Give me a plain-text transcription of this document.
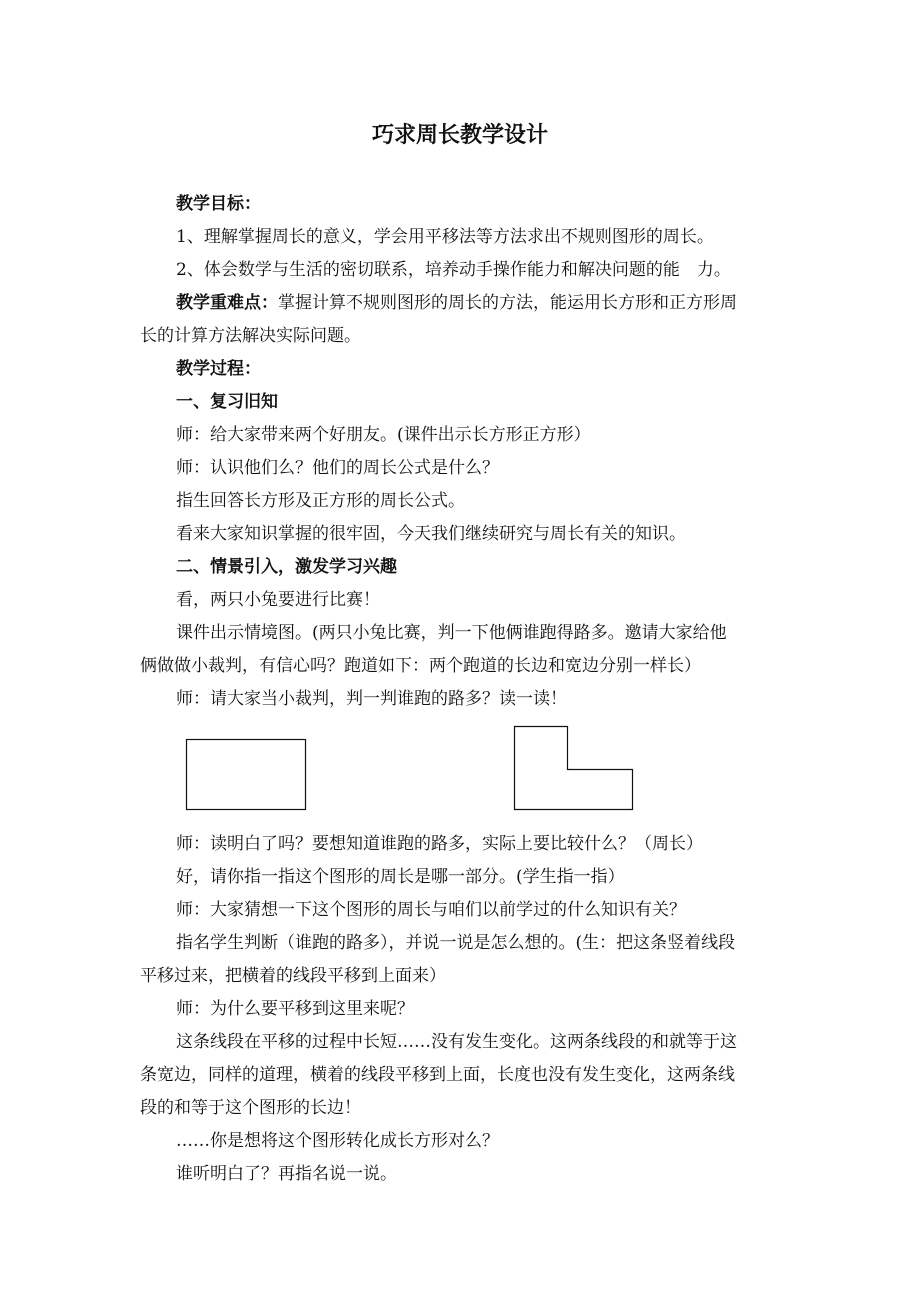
巧求周长教学设计
教学目标：
1、理解掌握周长的意义，学会用平移法等方法求出不规则图形的周长。
2、体会数学与生活的密切联系，培养动手操作能力和解决问题的能　力。
教学重难点：掌握计算不规则图形的周长的方法，能运用长方形和正方形周
长的计算方法解决实际问题。
教学过程：
一、复习旧知
师：给大家带来两个好朋友。(课件出示长方形正方形）
师：认识他们么？他们的周长公式是什么？
指生回答长方形及正方形的周长公式。
看来大家知识掌握的很牢固，今天我们继续研究与周长有关的知识。
二、情景引入，激发学习兴趣
看，两只小兔要进行比赛！
课件出示情境图。(两只小兔比赛，判一下他俩谁跑得路多。邀请大家给他
俩做做小裁判，有信心吗？跑道如下：两个跑道的长边和宽边分别一样长）
师：请大家当小裁判，判一判谁跑的路多？读一读！
师：读明白了吗？要想知道谁跑的路多，实际上要比较什么？（周长）
好，请你指一指这个图形的周长是哪一部分。(学生指一指）
师：大家猜想一下这个图形的周长与咱们以前学过的什么知识有关？
指名学生判断（谁跑的路多），并说一说是怎么想的。(生：把这条竖着线段
平移过来，把横着的线段平移到上面来）
师：为什么要平移到这里来呢？
这条线段在平移的过程中长短……没有发生变化。这两条线段的和就等于这
条宽边，同样的道理，横着的线段平移到上面，长度也没有发生变化，这两条线
段的和等于这个图形的长边！
……你是想将这个图形转化成长方形对么？
谁听明白了？再指名说一说。
